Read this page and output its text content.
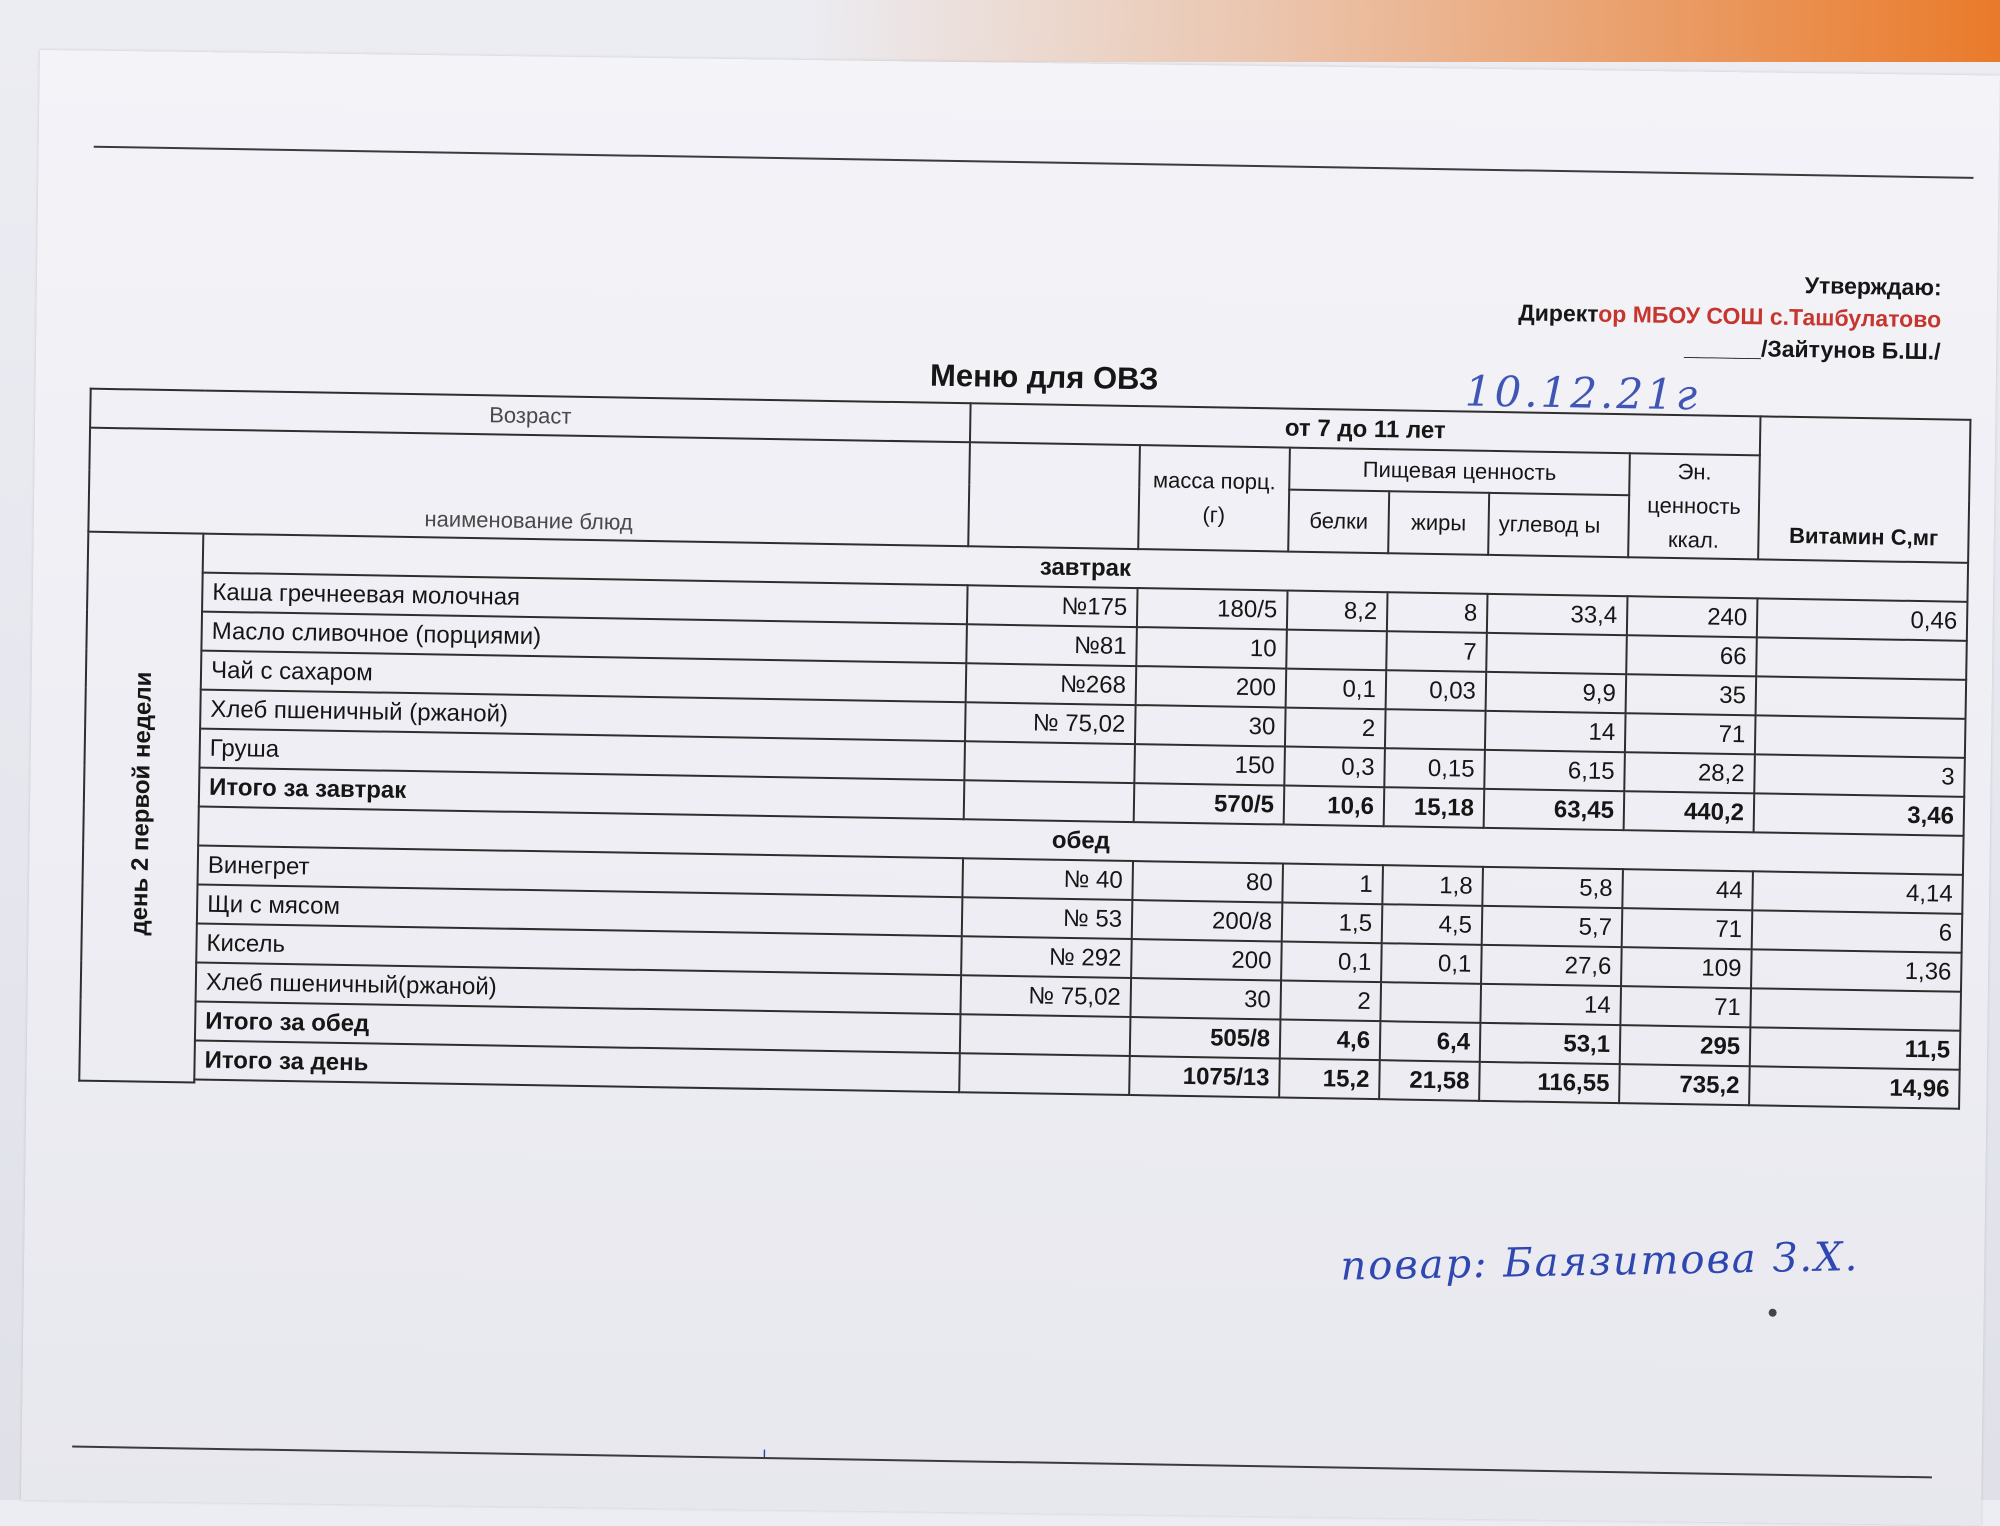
Утверждаю:
Директор МБОУ СОШ с.Ташбулатово
______/Зайтунов Б.Ш./
Меню для ОВЗ	10.12.21г
Возраст		от 7 до 11 лет						Витамин С,мг
наименование блюд			масса порц. (г)	Пищевая ценность			Эн. ценность ккал.	
				белки	жиры	углевод ы		
день 2 первой недели	завтрак							
	Каша гречнеевая молочная	№175	180/5	8,2	8	33,4	240	0,46
	Масло сливочное (порциями)	№81	10		7		66	
	Чай с сахаром	№268	200	0,1	0,03	9,9	35	
	Хлеб пшеничный (ржаной)	№ 75,02	30	2		14	71	
	Груша		150	0,3	0,15	6,15	28,2	3
	Итого за завтрак		570/5	10,6	15,18	63,45	440,2	3,46
	обед							
	Винегрет	№ 40	80	1	1,8	5,8	44	4,14
	Щи с мясом	№ 53	200/8	1,5	4,5	5,7	71	6
	Кисель	№ 292	200	0,1	0,1	27,6	109	1,36
	Хлеб пшеничный(ржаной)	№ 75,02	30	2		14	71	
	Итого за обед		505/8	4,6	6,4	53,1	295	11,5
	Итого за день		1075/13	15,2	21,58	116,55	735,2	14,96

повар: Баязитова З.Х.
ı
